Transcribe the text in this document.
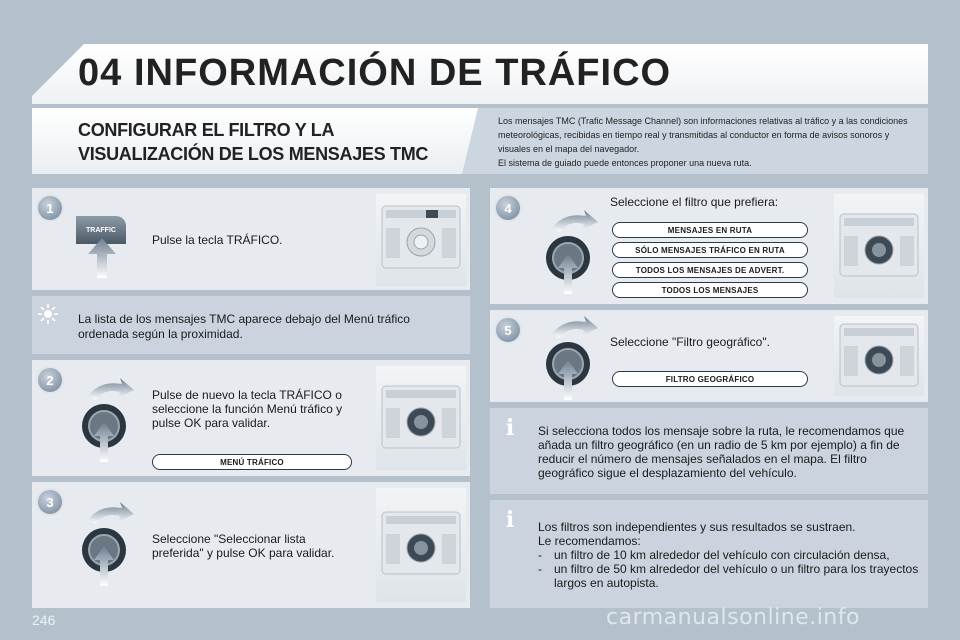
04 INFORMACIÓN DE TRÁFICO
CONFIGURAR EL FILTRO Y LA VISUALIZACIÓN DE LOS MENSAJES TMC
Los mensajes TMC (Trafic Message Channel) son informaciones relativas al tráfico y a las condiciones meteorológicas, recibidas en tiempo real y transmitidas al conductor en forma de avisos sonoros y visuales en el mapa del navegador.
El sistema de guiado puede entonces proponer una nueva ruta.
1
TRAFFIC
Pulse la tecla TRÁFICO.
La lista de los mensajes TMC aparece debajo del Menú tráfico ordenada según la proximidad.
2
Pulse de nuevo la tecla TRÁFICO o seleccione la función Menú tráfico y pulse OK para validar.
MENÚ TRÁFICO
3
Seleccione "Seleccionar lista preferida" y pulse OK para validar.
4	Seleccione el filtro que prefiera:
MENSAJES EN RUTA
SÓLO MENSAJES TRÁFICO EN RUTA
TODOS LOS MENSAJES DE ADVERT.
TODOS LOS MENSAJES
5
Seleccione "Filtro geográfico".
FILTRO GEOGRÁFICO
i	Si selecciona todos los mensaje sobre la ruta, le recomendamos que añada un filtro geográfico (en un radio de 5 km por ejemplo) a fin de reducir el número de mensajes señalados en el mapa. El filtro geográfico sigue el desplazamiento del vehículo.
i	Los filtros son independientes y sus resultados se sustraen.
Le recomendamos:
-	un filtro de 10 km alrededor del vehículo con circulación densa,
-	un filtro de 50 km alrededor del vehículo o un filtro para los trayectos largos en autopista.
246	carmanualsonline.info
